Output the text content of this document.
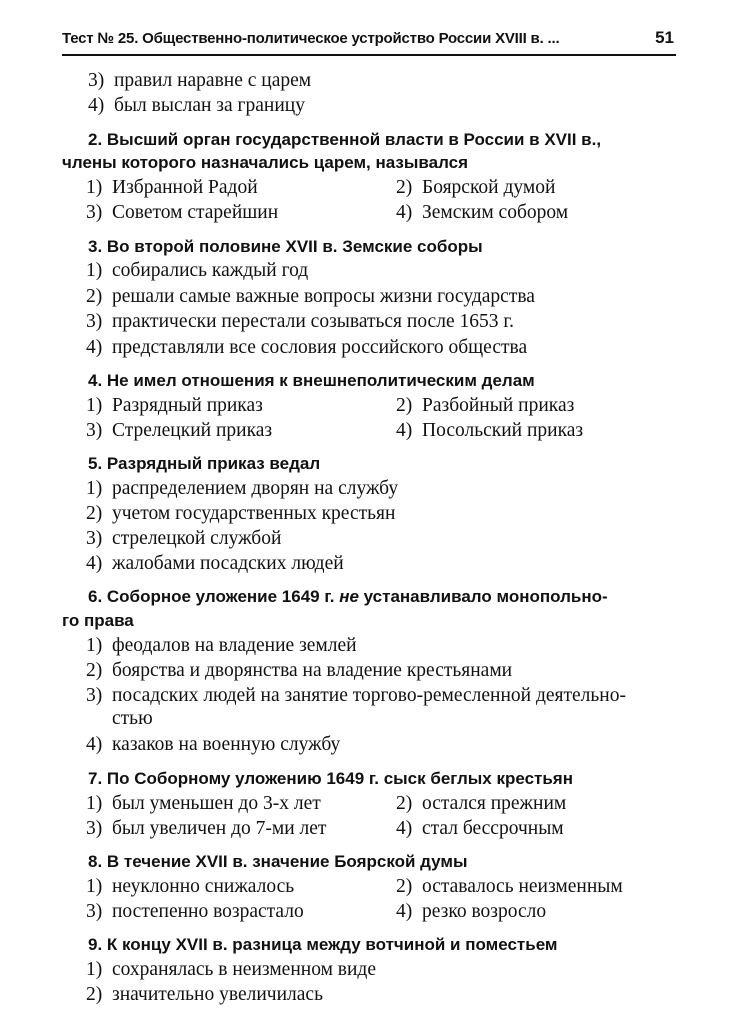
Тест № 25. Общественно-политическое устройство России XVIII в. ...	51
3) правил наравне с царем
4) был выслан за границу
2. Высший орган государственной власти в России в XVII в.,
члены которого назначались царем, назывался
1) Избранной Радой	2) Боярской думой
3) Советом старейшин	4) Земским собором
3. Во второй половине XVII в. Земские соборы
1) собирались каждый год
2) решали самые важные вопросы жизни государства
3) практически перестали созываться после 1653 г.
4) представляли все сословия российского общества
4. Не имел отношения к внешнеполитическим делам
1) Разрядный приказ	2) Разбойный приказ
3) Стрелецкий приказ	4) Посольский приказ
5. Разрядный приказ ведал
1) распределением дворян на службу
2) учетом государственных крестьян
3) стрелецкой службой
4) жалобами посадских людей
6. Соборное уложение 1649 г. не устанавливало монопольно-
го права
1) феодалов на владение землей
2) боярства и дворянства на владение крестьянами
3) посадских людей на занятие торгово-ремесленной деятельно-
стью
4) казаков на военную службу
7. По Соборному уложению 1649 г. сыск беглых крестьян
1) был уменьшен до 3-х лет	2) остался прежним
3) был увеличен до 7-ми лет	4) стал бессрочным
8. В течение XVII в. значение Боярской думы
1) неуклонно снижалось	2) оставалось неизменным
3) постепенно возрастало	4) резко возросло
9. К концу XVII в. разница между вотчиной и поместьем
1) сохранялась в неизменном виде
2) значительно увеличилась
